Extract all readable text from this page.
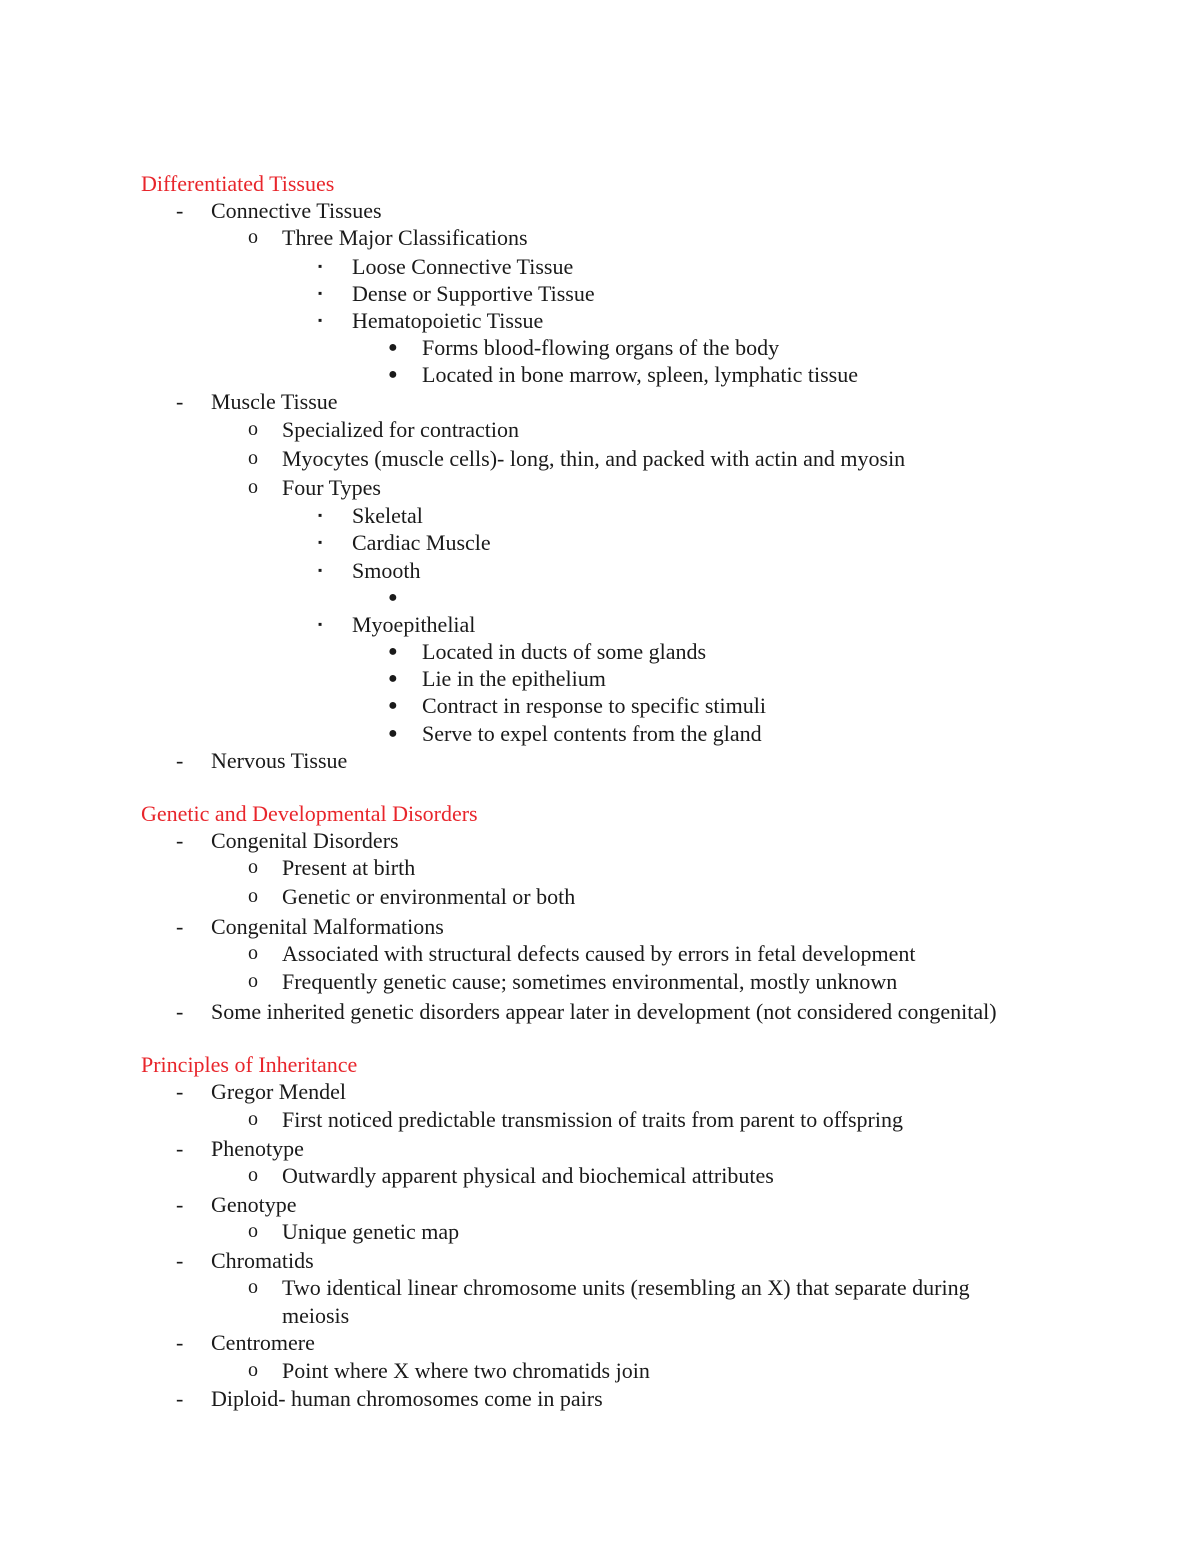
Differentiated Tissues
- Connective Tissues
o Three Major Classifications
▪ Loose Connective Tissue
▪ Dense or Supportive Tissue
▪ Hematopoietic Tissue
● Forms blood-flowing organs of the body
● Located in bone marrow, spleen, lymphatic tissue
- Muscle Tissue
o Specialized for contraction
o Myocytes (muscle cells)- long, thin, and packed with actin and myosin
o Four Types
▪ Skeletal
▪ Cardiac Muscle
▪ Smooth
●
▪ Myoepithelial
● Located in ducts of some glands
● Lie in the epithelium
● Contract in response to specific stimuli
● Serve to expel contents from the gland
- Nervous Tissue
Genetic and Developmental Disorders
- Congenital Disorders
o Present at birth
o Genetic or environmental or both
- Congenital Malformations
o Associated with structural defects caused by errors in fetal development
o Frequently genetic cause; sometimes environmental, mostly unknown
- Some inherited genetic disorders appear later in development (not considered congenital)
Principles of Inheritance
- Gregor Mendel
o First noticed predictable transmission of traits from parent to offspring
- Phenotype
o Outwardly apparent physical and biochemical attributes
- Genotype
o Unique genetic map
- Chromatids
o Two identical linear chromosome units (resembling an X) that separate during
meiosis
- Centromere
o Point where X where two chromatids join
- Diploid- human chromosomes come in pairs
